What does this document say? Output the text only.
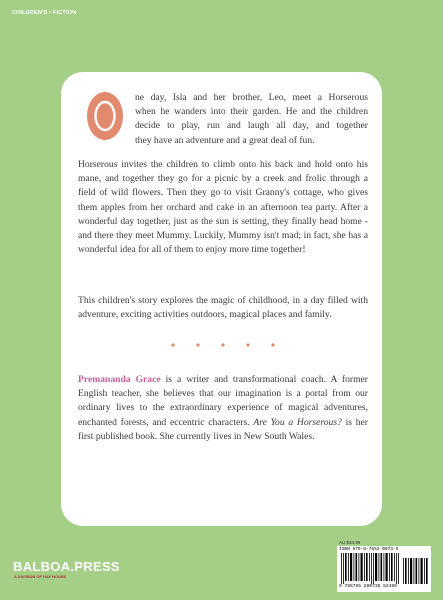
CHILDREN'S • FICTION

ne day, Isla and her brother, Leo, meet a Horserous
when he wanders into their garden. He and the children
decide to play, run and laugh all day, and together
they have an adventure and a great deal of fun.

Horserous invites the children to climb onto his back and hold onto his mane, and together they go for a picnic by a creek and frolic through a field of wild flowers. Then they go to visit Granny's cottage, who gives them apples from her orchard and cake in an afternoon tea party. After a wonderful day together, just as the sun is setting, they finally head home - and there they meet Mummy. Luckily, Mummy isn't mad; in fact, she has a wonderful idea for all of them to enjoy more time together!

This children's story explores the magic of childhood, in a day filled with adventure, exciting activities outdoors, magical places and family.

Premananda Grace is a writer and transformational coach. A former English teacher, she believes that our imagination is a portal from our ordinary lives to the extraordinary experience of magical adventures, enchanted forests, and eccentric characters. Are You a Horserous? is her first published book. She currently lives in New South Wales.

AU $34.99
ISBN 979-8-7652-0073-5
9 798765 200735 52499
BALBOA.PRESS
A DIVISION OF HAY HOUSE
